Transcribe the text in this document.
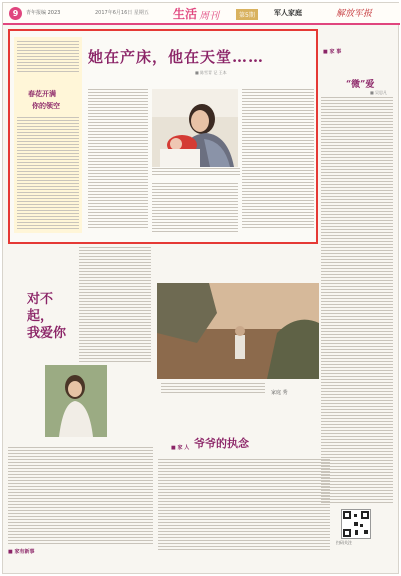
9	青年报编 2023	2017年6月16日 星期五 生活 周刊	第5期	军人家庭	解放军报
春花开满
你的领空
她在产床，他在天堂……
■ 陈雪青 记 王本
■ 家 事
“微”爱
■ 吴思凡
对不起，
我爱你
■ 家有新事
家庭 秀
■ 家 人 爷爷的执念
扫码关注
